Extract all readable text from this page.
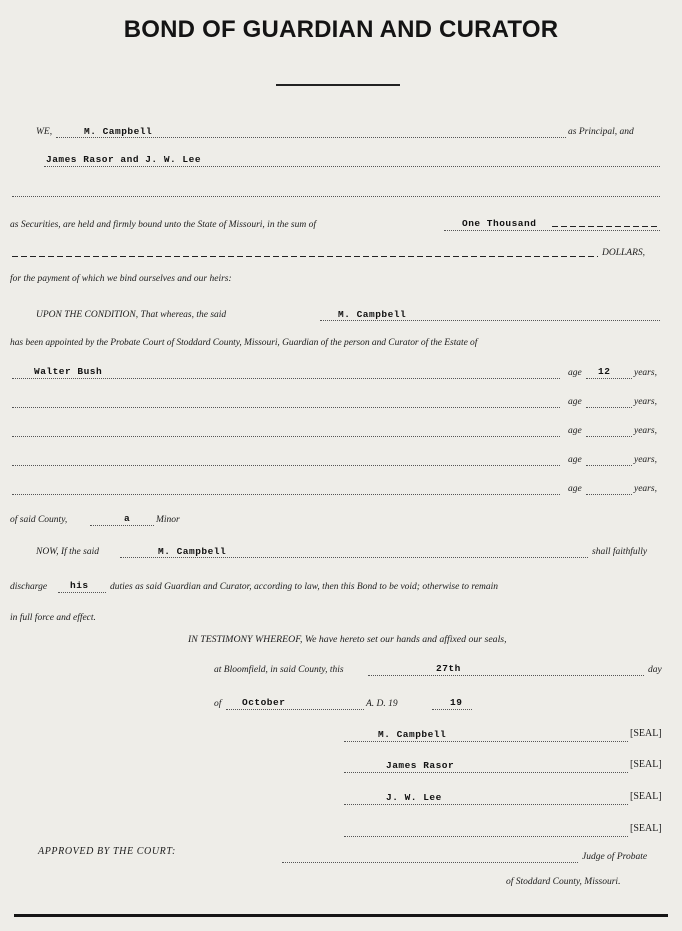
BOND OF GUARDIAN AND CURATOR
WE,	M. Campbell	as Principal, and
James Rasor and J. W. Lee
as Securities, are held and firmly bound unto the State of Missouri, in the sum of	One Thousand
DOLLARS,
for the payment of which we bind ourselves and our heirs:
UPON THE CONDITION, That whereas, the said	M. Campbell
has been appointed by the Probate Court of Stoddard County, Missouri, Guardian of the person and Curator of the Estate of
Walter Bush	age 12 years,
age	years,
age	years,
age	years,
age	years,
of said County,	a	Minor
NOW, If the said	M. Campbell	shall faithfully
discharge his duties as said Guardian and Curator, according to law, then this Bond to be void; otherwise to remain
in full force and effect.
IN TESTIMONY WHEREOF, We have hereto set our hands and affixed our seals,
at Bloomfield, in said County, this	27th	day
of October	A. D. 19	19
M. Campbell	[SEAL]
James Rasor	[SEAL]
J. W. Lee	[SEAL]
[SEAL]
APPROVED BY THE COURT:	Judge of Probate
of Stoddard County, Missouri.
